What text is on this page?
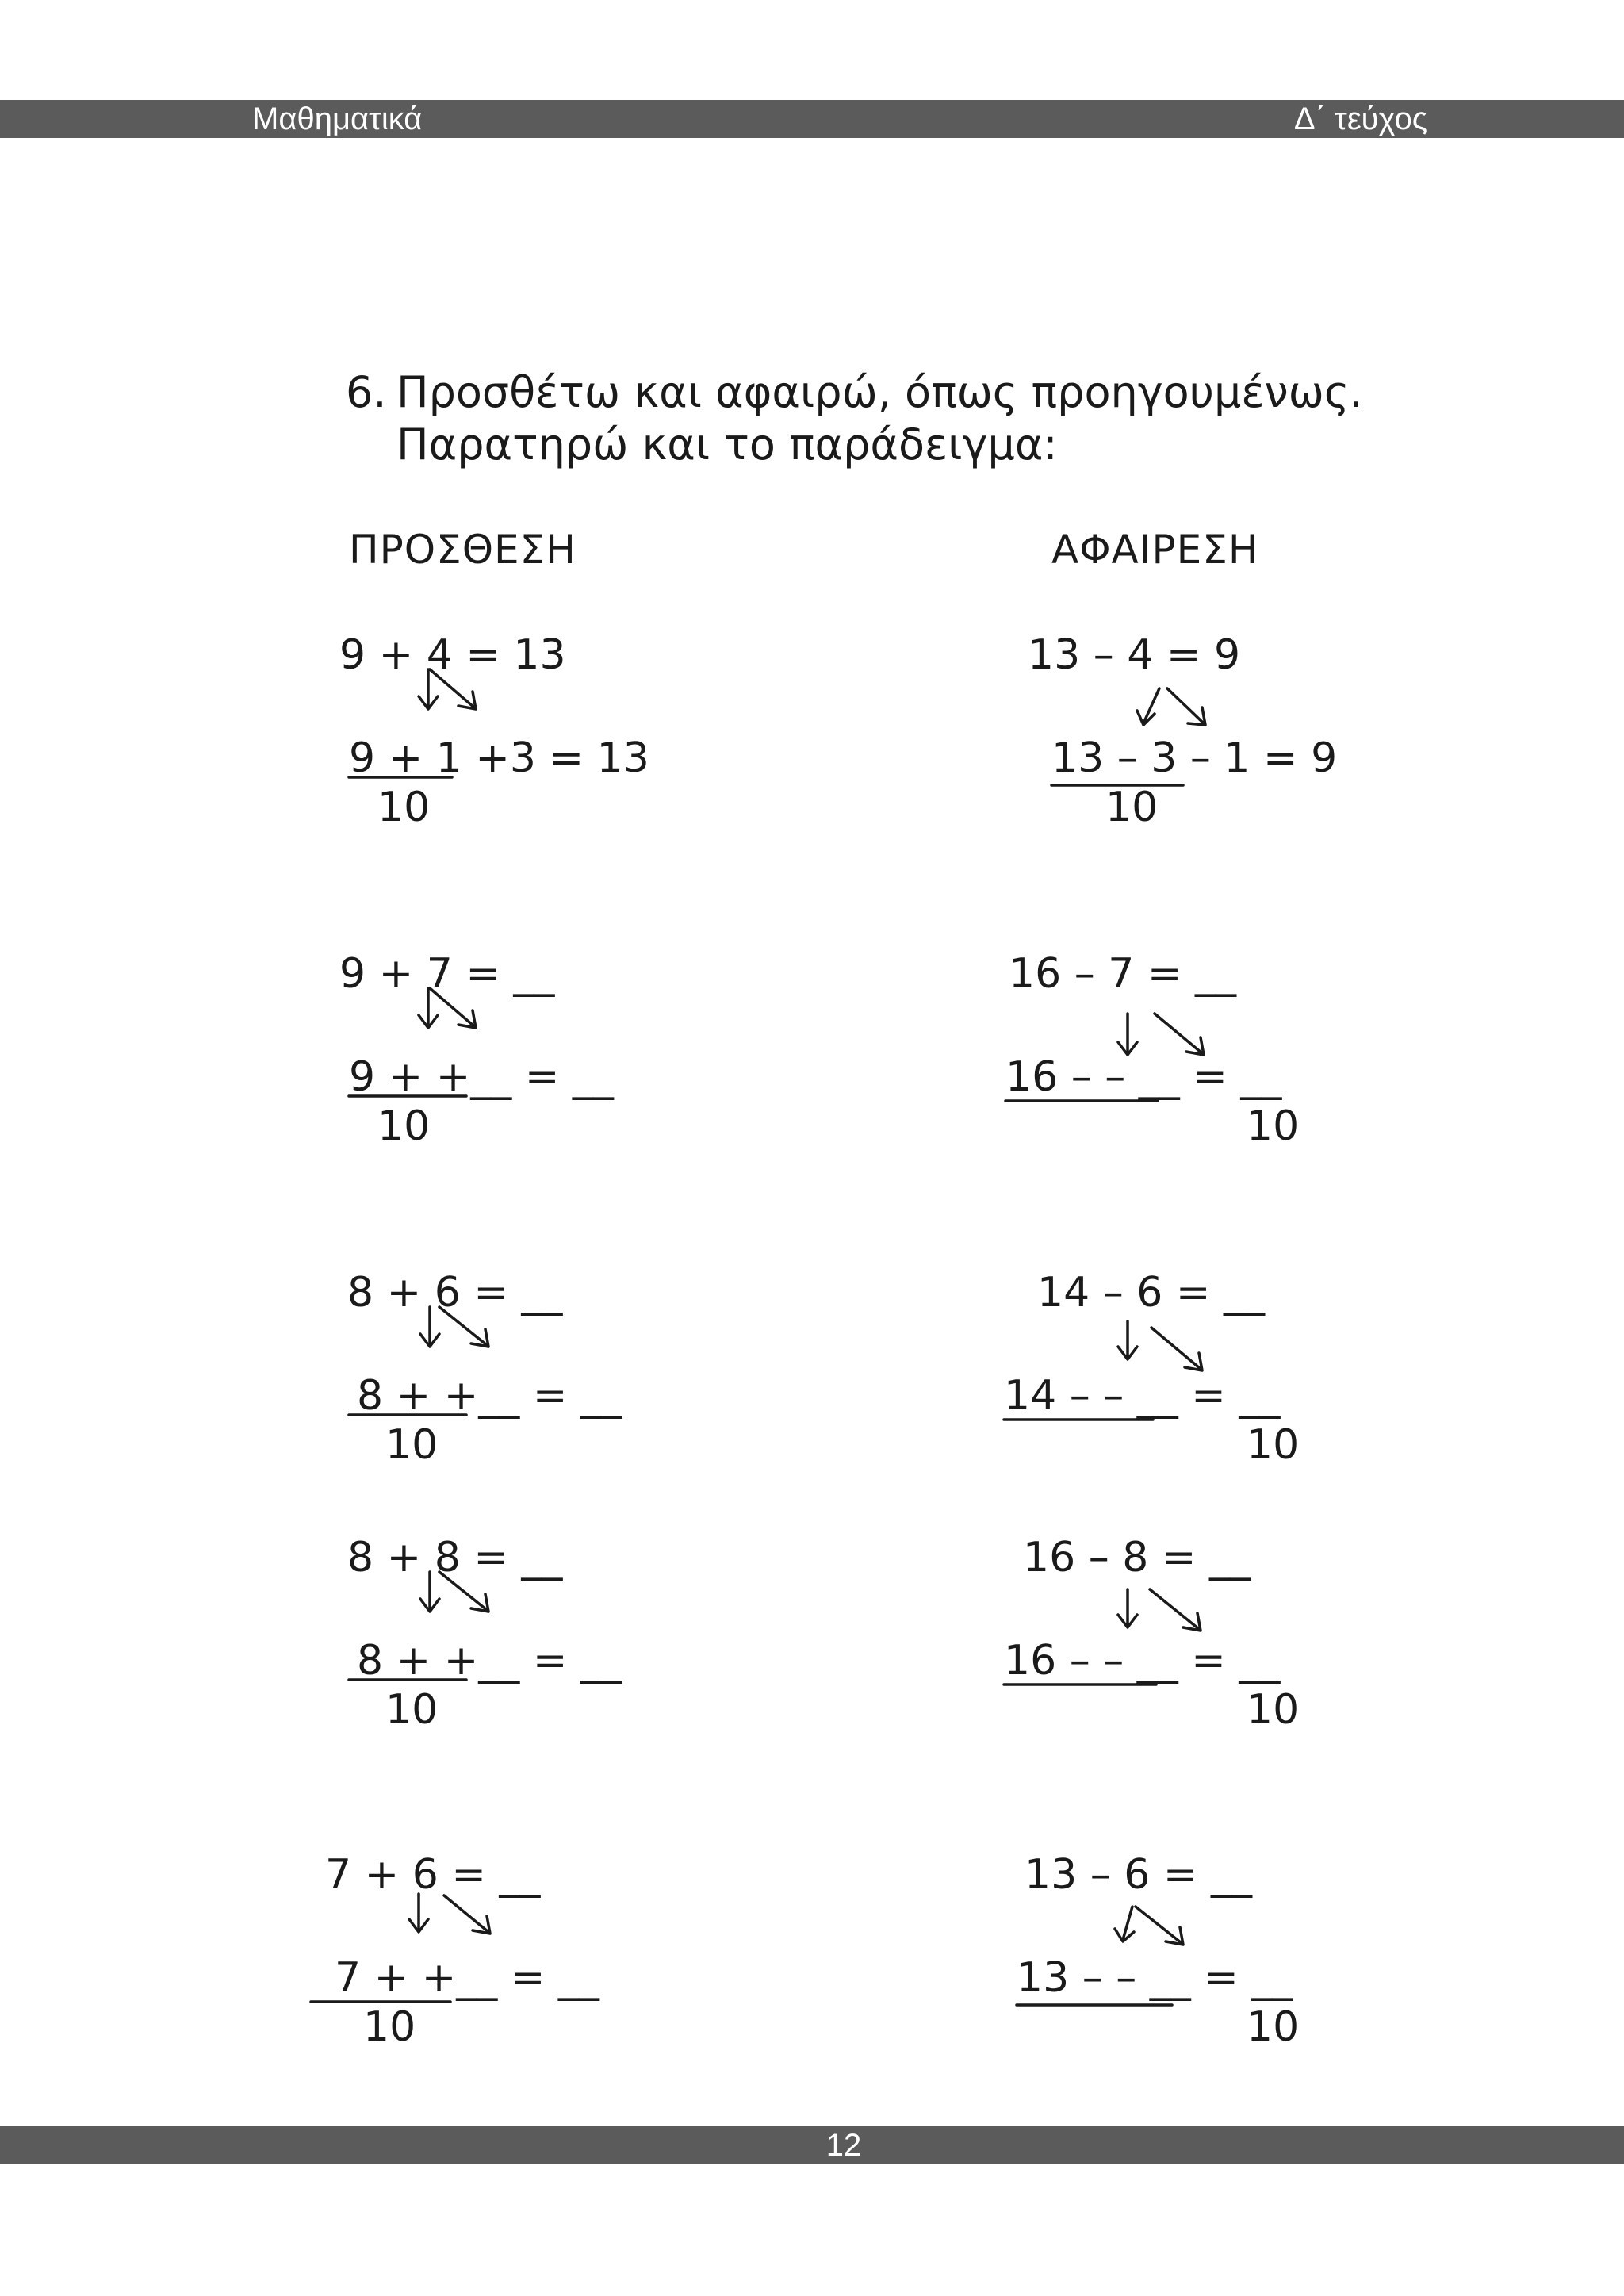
Μαθηματικά	Δ΄ τεύχος
12
6. Προσθέτω και αφαιρώ, όπως προηγουμένως.
Παρατηρώ και το παράδειγμα:
ΠΡΟΣΘΕΣΗ	ΑΦΑΙΡΕΣΗ
9 + 4 = 13
9 + 1 +3 = 13
10
9 + 7 = __
9 + +__ = __
10
8 + 6 = __
8 + +__ = __
10
8 + 8 = __
8 + +__ = __
10
7 + 6 = __
7 + +__ = __
10
13 – 4 = 9
13 – 3 – 1 = 9
10
16 – 7 = __
16 – – __ = __
10
14 – 6 = __
14 – – __ = __
10
16 – 8 = __
16 – – __ = __
10
13 – 6 = __
13 – – __ = __
10
